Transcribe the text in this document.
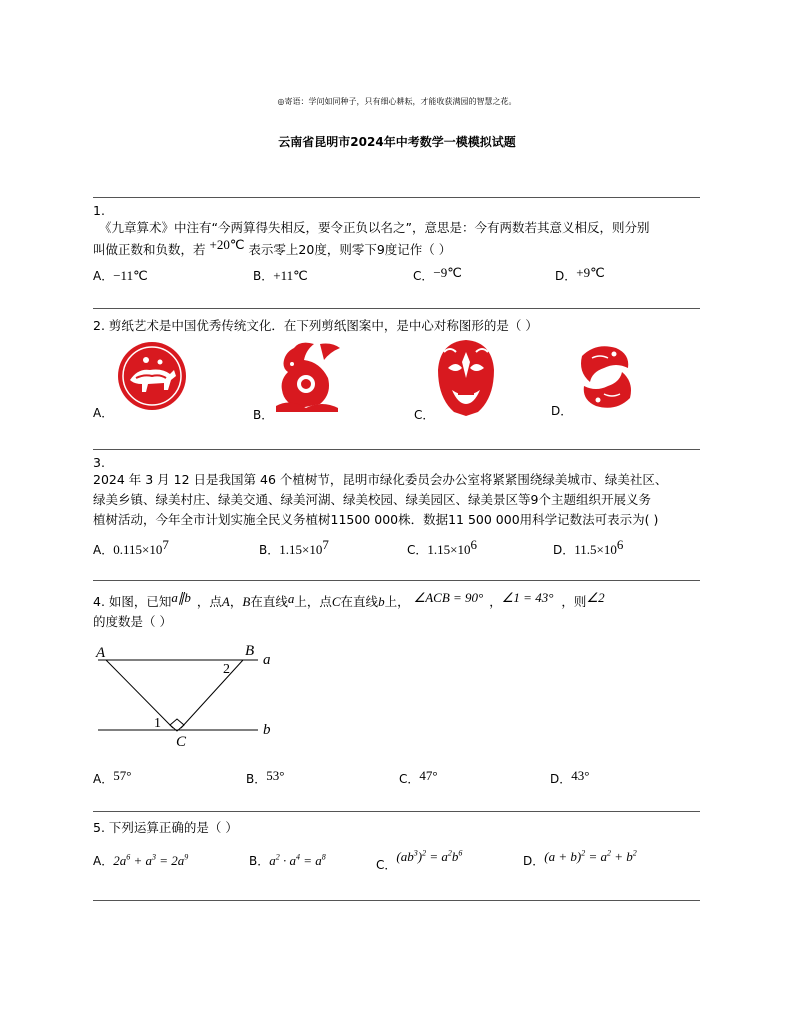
◎寄语：学问如同种子，只有细心耕耘，才能收获满园的智慧之花。
云南省昆明市2024年中考数学一模模拟试题
1.
《九章算术》中注有“今两算得失相反，要令正负以名之”，意思是：今有两数若其意义相反，则分别
叫做正数和负数，若 +20℃ 表示零上20度，则零下9度记作（ ）
A．−11℃	B．+11℃	C．−9℃	D．+9℃
2. 剪纸艺术是中国优秀传统文化．在下列剪纸图案中，是中心对称图形的是（ ）
A．	B．	C．	D．
3.
2024 年 3 月 12 日是我国第 46 个植树节，昆明市绿化委员会办公室将紧紧围绕绿美城市、绿美社区、
绿美乡镇、绿美村庄、绿美交通、绿美河湖、绿美校园、绿美园区、绿美景区等9个主题组织开展义务
植树活动，今年全市计划实施全民义务植树11500 000株．数据11 500 000用科学记数法可表示为( )
A．$0.115\times 10^7$	B．$1.15\times 10^7$	C．$1.15\times 10^6$	D．$11.5\times 10^6$
4. 如图，已知a∥b ，点A，B在直线a上，点C在直线b上， ∠ACB = 90° ，∠1 = 43° ，则∠2
的度数是（ ）
A	B
2
a
1
C
b
A．57°	B．53°	C．47°	D．43°
5. 下列运算正确的是（ ）
A．$2a^6 + a^3 = 2a^9$	B．$a^2 \cdot a^4 = a^8$
C．$(ab^3)^2 = a^2b^6$
D．$(a + b)^2 = a^2 + b^2$
